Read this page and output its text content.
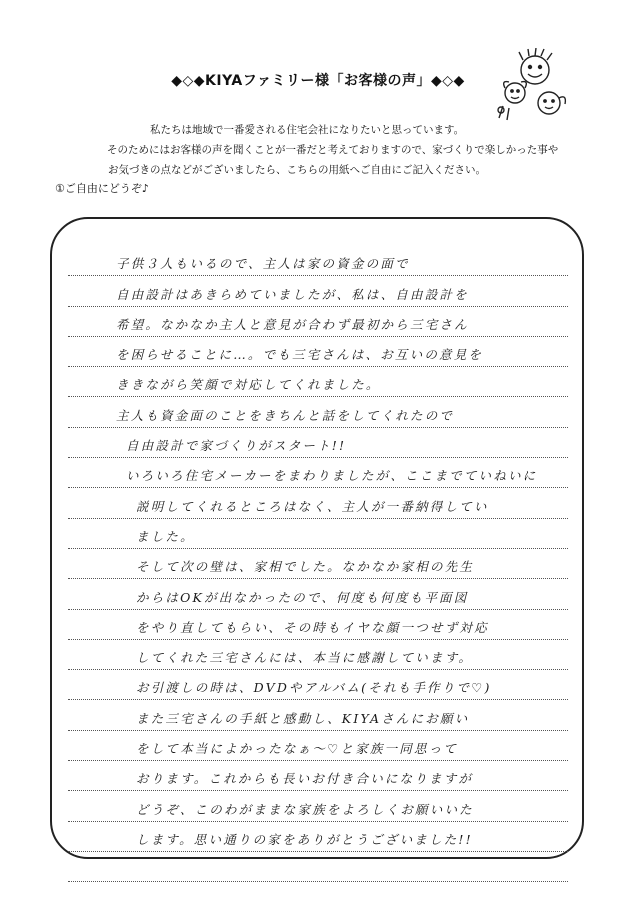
◆◇◆KIYAファミリー様「お客様の声」◆◇◆
私たちは地域で一番愛される住宅会社になりたいと思っています。
そのためにはお客様の声を聞くことが一番だと考えておりますので、家づくりで楽しかった事や
お気づきの点などがございましたら、こちらの用紙へご自由にご記入ください。
①ご自由にどうぞ♪
子供３人もいるので、主人は家の資金の面で
自由設計はあきらめていましたが、私は、自由設計を
希望。なかなか主人と意見が合わず最初から三宅さん
を困らせることに…。でも三宅さんは、お互いの意見を
ききながら笑顔で対応してくれました。
主人も資金面のことをきちんと話をしてくれたので
自由設計で家づくりがスタート!!
いろいろ住宅メーカーをまわりましたが、ここまでていねいに
説明してくれるところはなく、主人が一番納得してい
ました。
そして次の壁は、家相でした。なかなか家相の先生
からはOKが出なかったので、何度も何度も平面図
をやり直してもらい、その時もイヤな顔一つせず対応
してくれた三宅さんには、本当に感謝しています。
お引渡しの時は、DVDやアルバム(それも手作りで♡)
また三宅さんの手紙と感動し、KIYAさんにお願い
をして本当によかったなぁ～♡と家族一同思って
おります。これからも長いお付き合いになりますが
どうぞ、このわがままな家族をよろしくお願いいた
します。思い通りの家をありがとうございました!!
